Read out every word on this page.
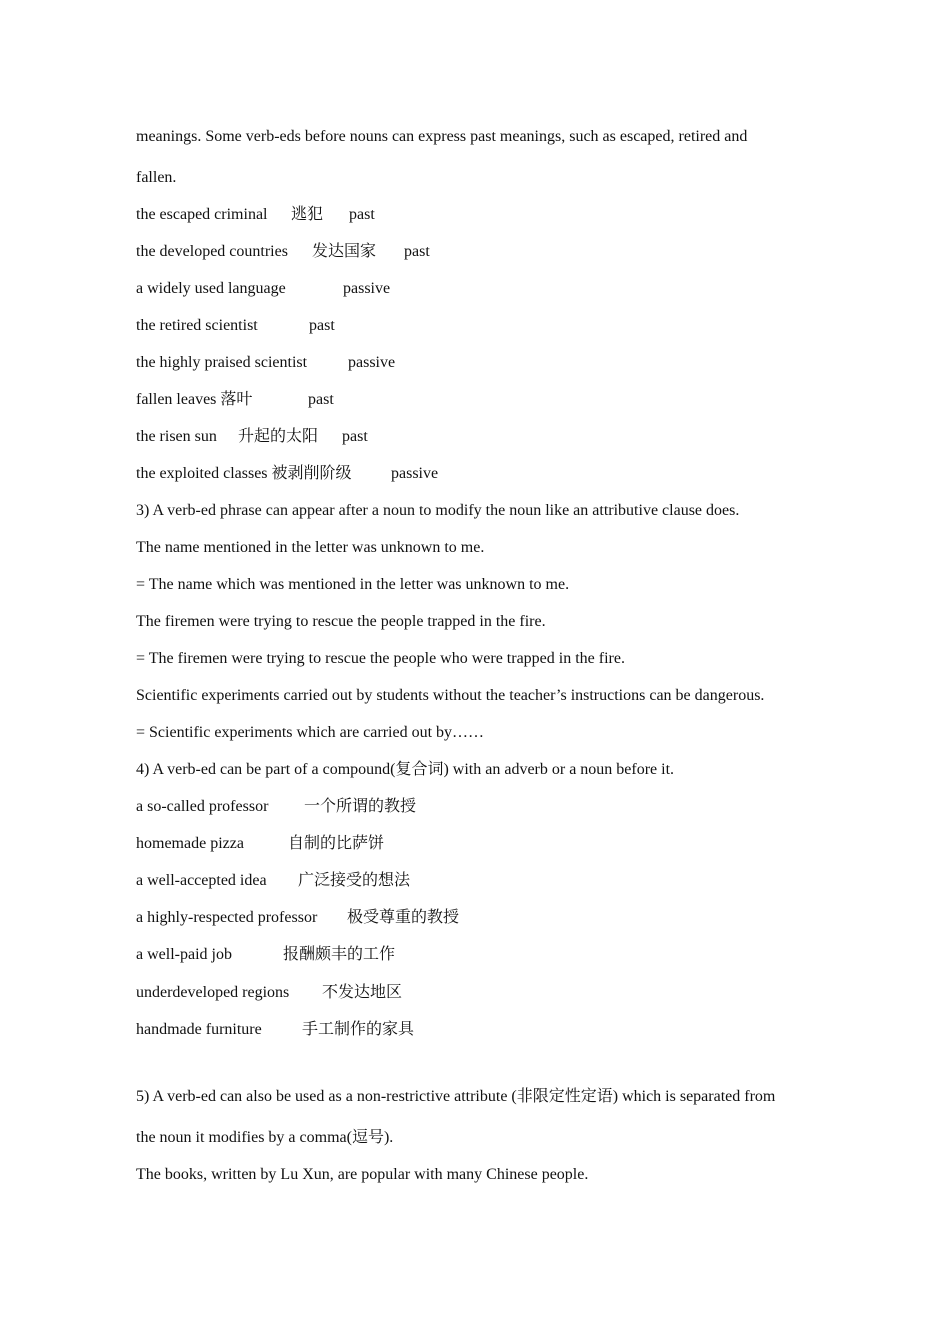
meanings. Some verb-eds before nouns can express past meanings, such as escaped, retired and
fallen.
the escaped criminal 逃犯 past
the developed countries 发达国家 past
a widely used language	passive
the retired scientist	past
the highly praised scientist	passive
fallen leaves 落叶	past
the risen sun 升起的太阳 past
the exploited classes 被剥削阶级 passive
3) A verb-ed phrase can appear after a noun to modify the noun like an attributive clause does.
The name mentioned in the letter was unknown to me.
= The name which was mentioned in the letter was unknown to me.
The firemen were trying to rescue the people trapped in the fire.
= The firemen were trying to rescue the people who were trapped in the fire.
Scientific experiments carried out by students without the teacher’s instructions can be dangerous.
= Scientific experiments which are carried out by……
4) A verb-ed can be part of a compound(复合词) with an adverb or a noun before it.
a so-called professor 一个所谓的教授
homemade pizza	自制的比萨饼
a well-accepted idea 广泛接受的想法
a highly-respected professor 极受尊重的教授
a well-paid job	报酬颇丰的工作
underdeveloped regions 不发达地区
handmade furniture	手工制作的家具
5) A verb-ed can also be used as a non-restrictive attribute (非限定性定语) which is separated from
the noun it modifies by a comma(逗号).
The books, written by Lu Xun, are popular with many Chinese people.
